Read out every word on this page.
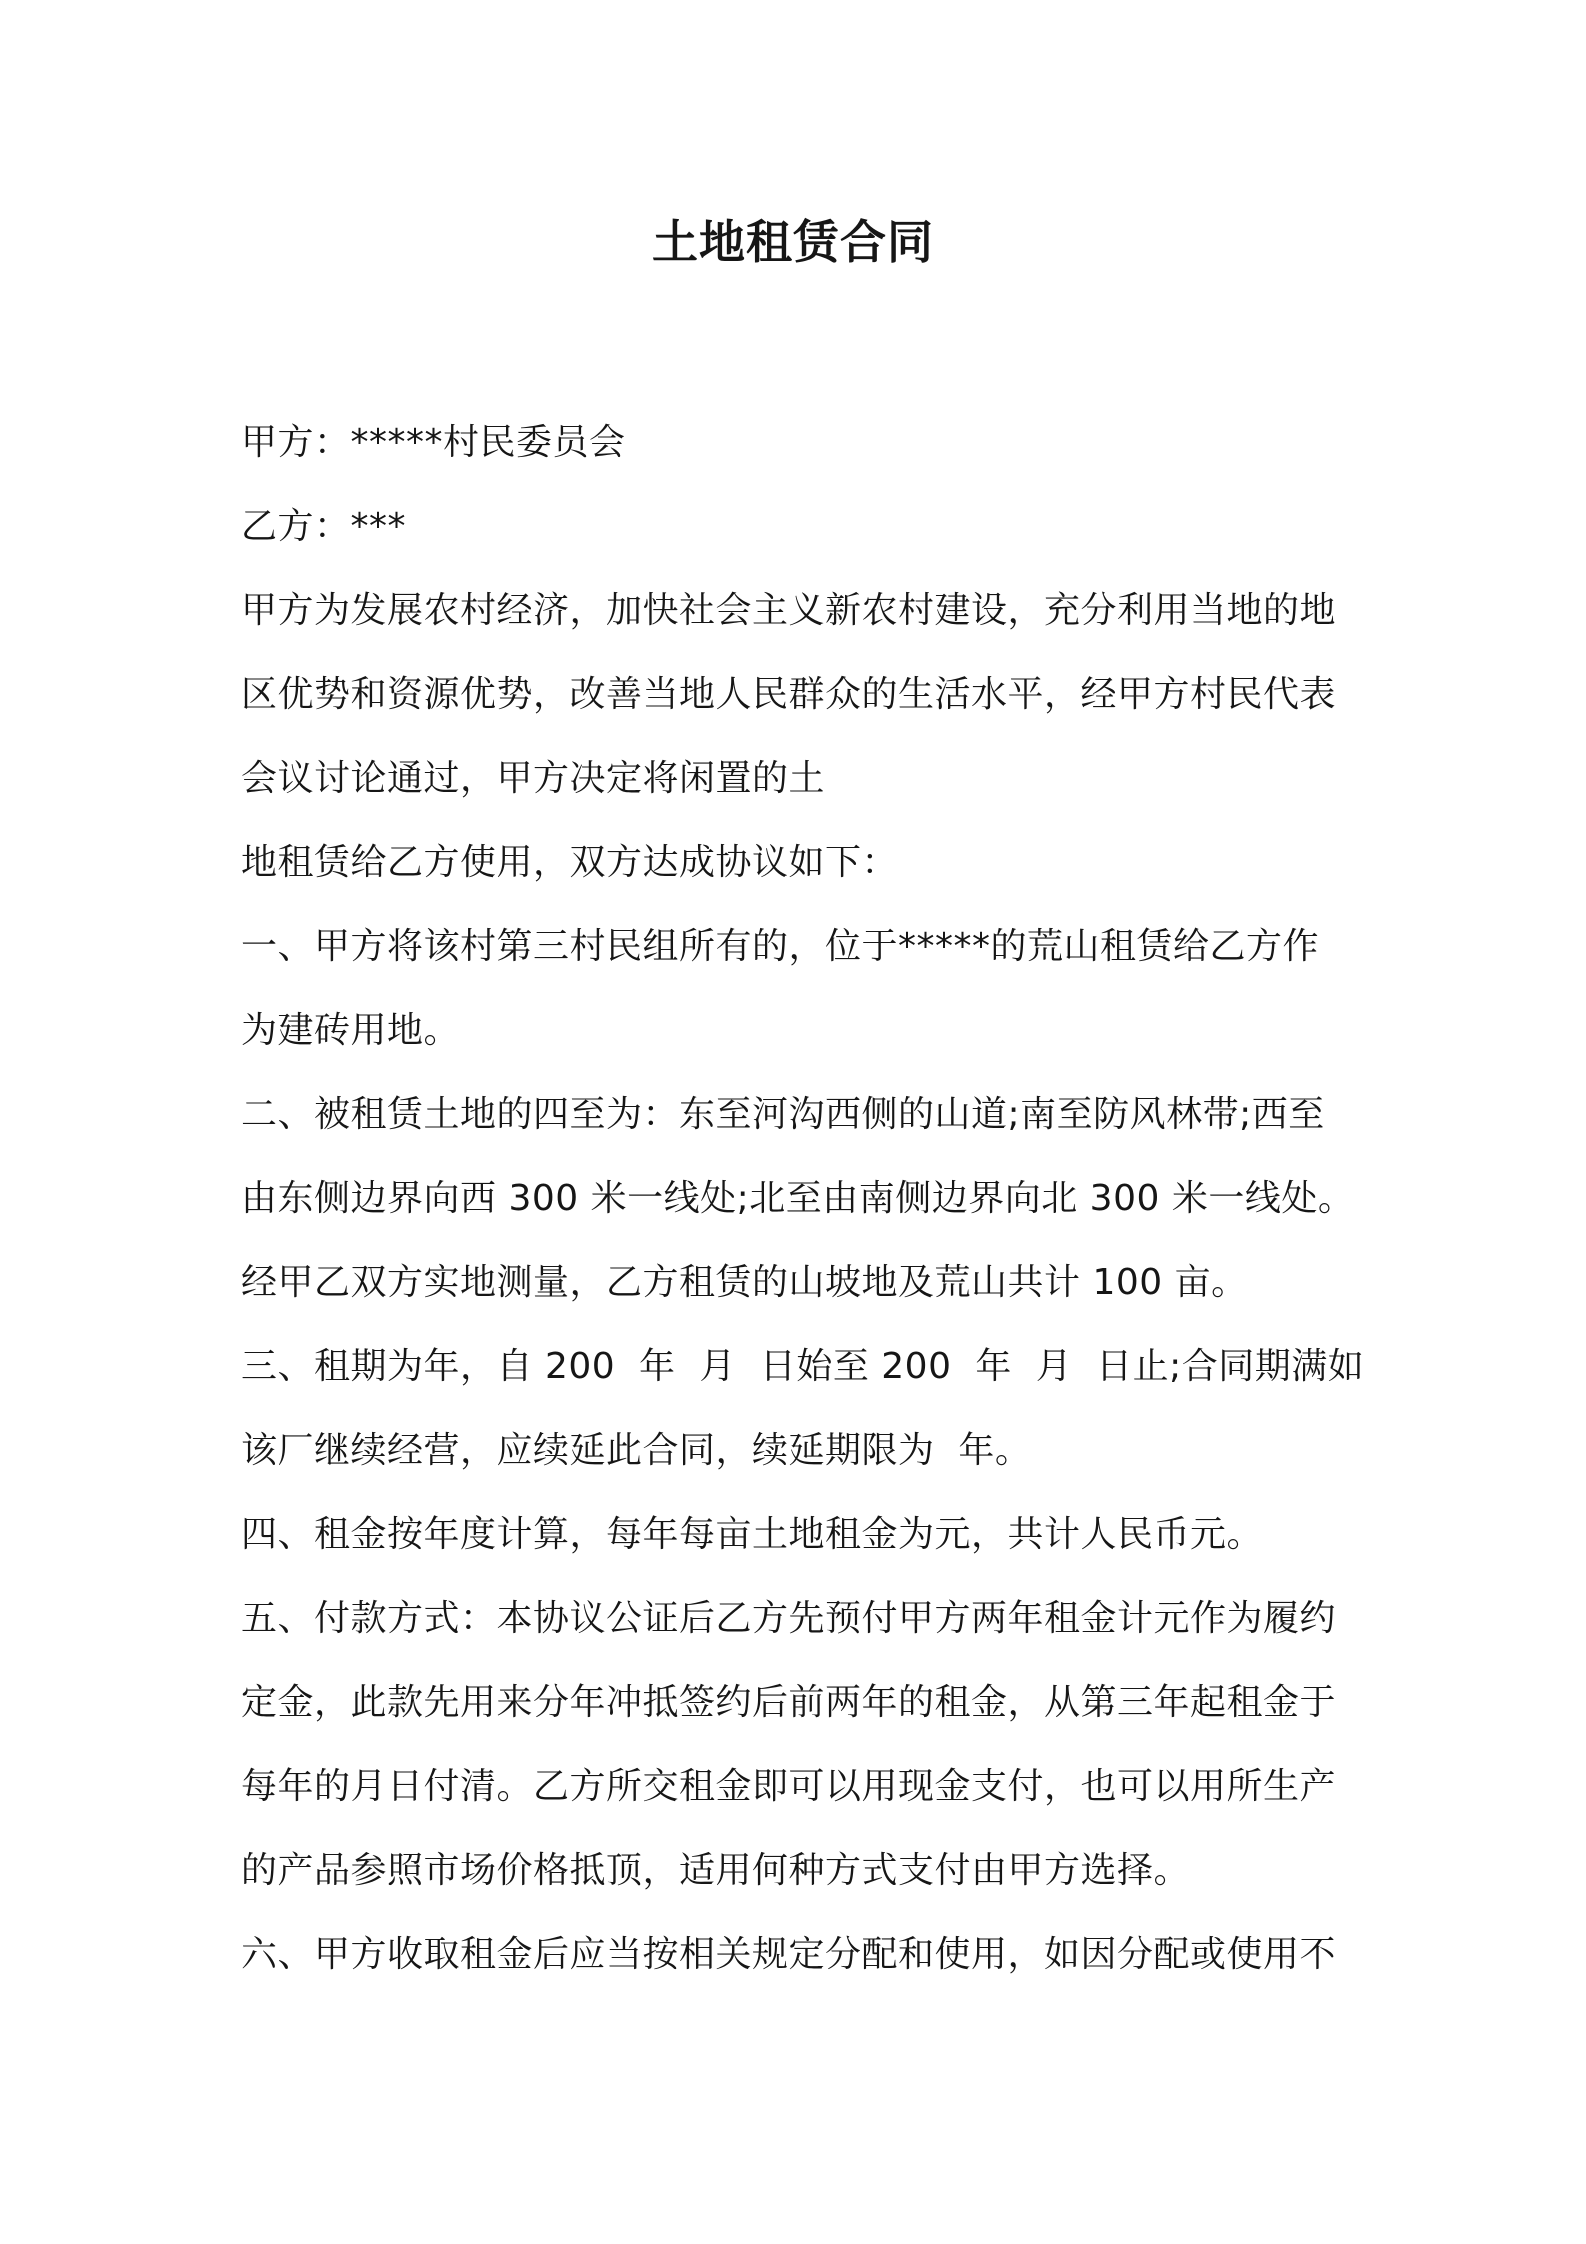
土地租赁合同
甲方：*****村民委员会
乙方：***
甲方为发展农村经济，加快社会主义新农村建设，充分利用当地的地
区优势和资源优势，改善当地人民群众的生活水平，经甲方村民代表
会议讨论通过，甲方决定将闲置的土
地租赁给乙方使用，双方达成协议如下：
一、甲方将该村第三村民组所有的，位于*****的荒山租赁给乙方作
为建砖用地。
二、被租赁土地的四至为：东至河沟西侧的山道;南至防风林带;西至
由东侧边界向西 300 米一线处;北至由南侧边界向北 300 米一线处。
经甲乙双方实地测量，乙方租赁的山坡地及荒山共计 100 亩。
三、租期为年，自 200  年  月  日始至 200  年  月  日止;合同期满如
该厂继续经营，应续延此合同，续延期限为  年。
四、租金按年度计算，每年每亩土地租金为元，共计人民币元。
五、付款方式：本协议公证后乙方先预付甲方两年租金计元作为履约
定金，此款先用来分年冲抵签约后前两年的租金，从第三年起租金于
每年的月日付清。乙方所交租金即可以用现金支付，也可以用所生产
的产品参照市场价格抵顶，适用何种方式支付由甲方选择。
六、甲方收取租金后应当按相关规定分配和使用，如因分配或使用不
